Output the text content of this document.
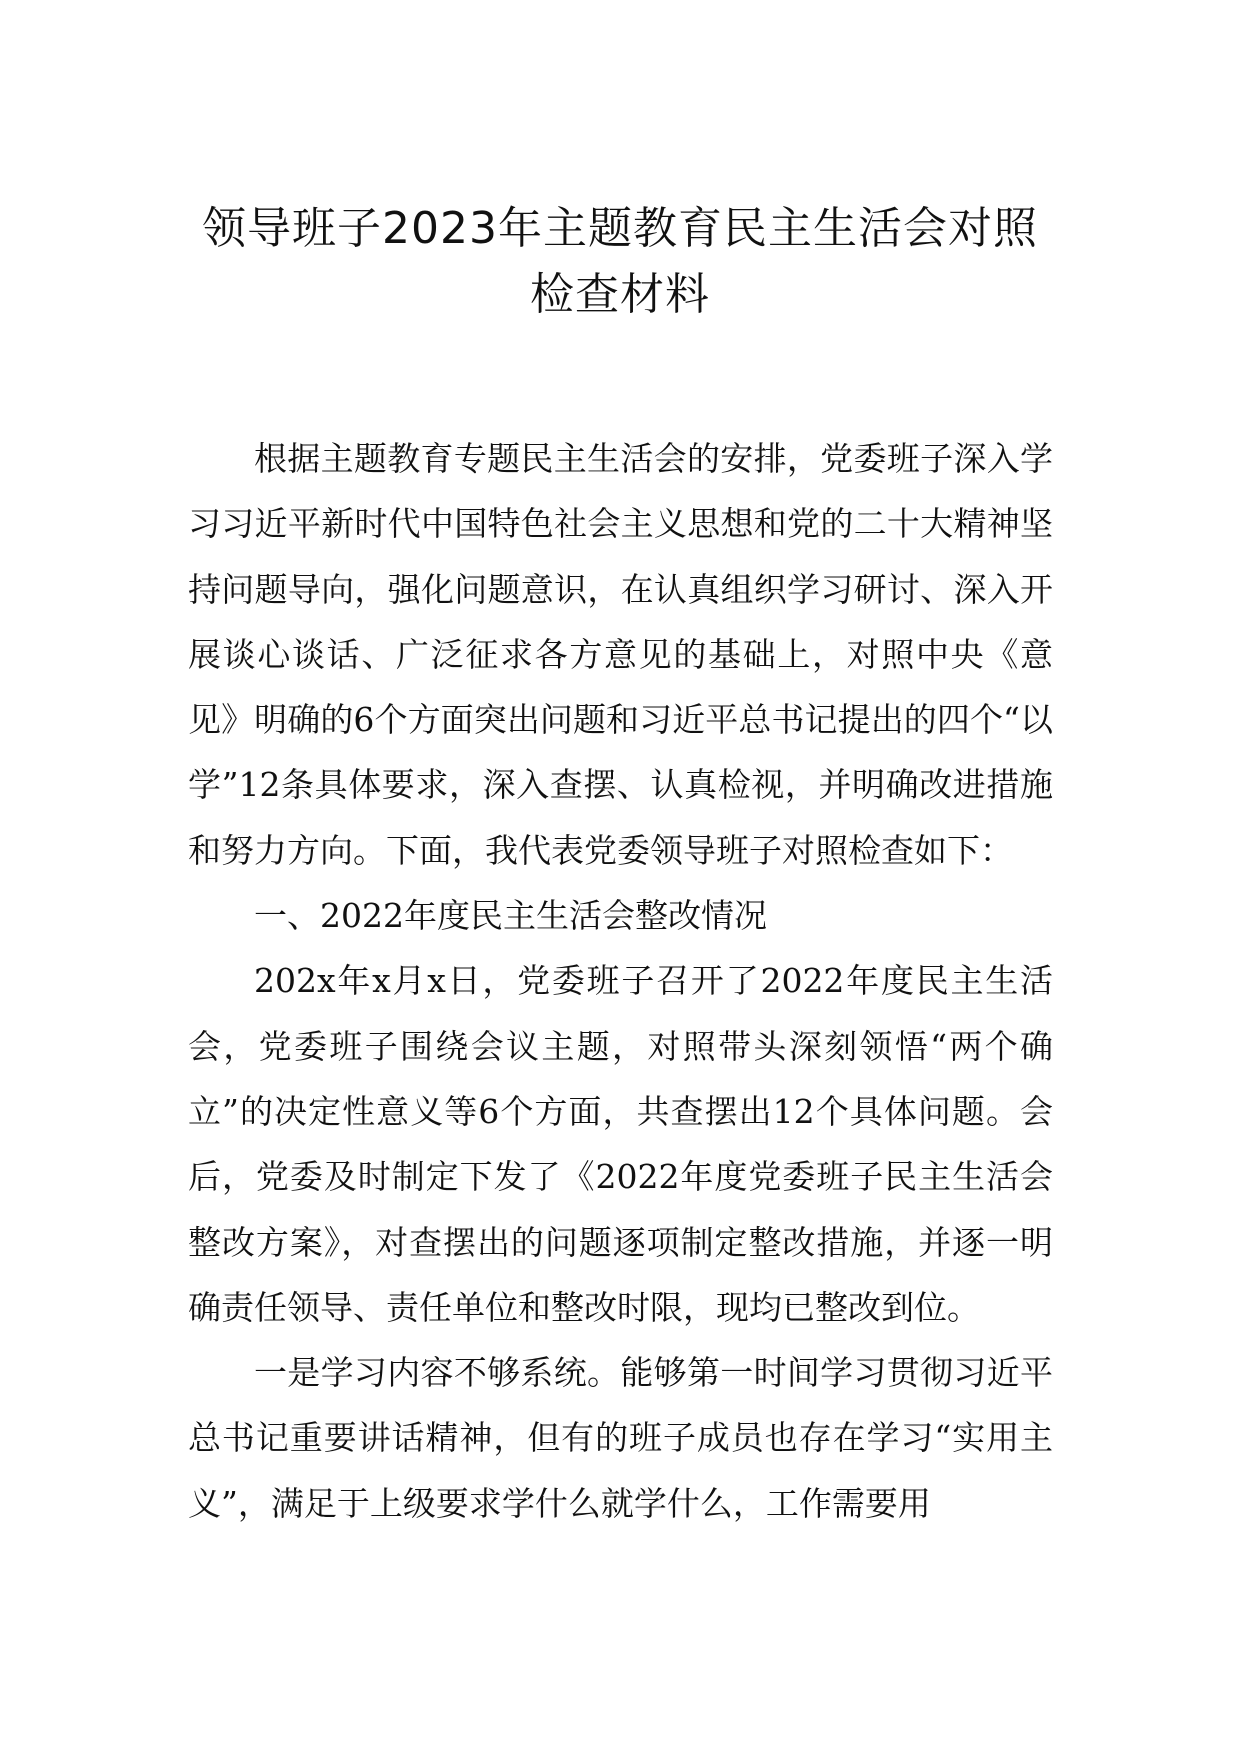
领导班子2023年主题教育民主生活会对照
检查材料

根据主题教育专题民主生活会的安排，党委班子深入学习习近平新时代中国特色社会主义思想和党的二十大精神坚持问题导向，强化问题意识，在认真组织学习研讨、深入开展谈心谈话、广泛征求各方意见的基础上，对照中央《意见》明确的6个方面突出问题和习近平总书记提出的四个“以学”12条具体要求，深入查摆、认真检视，并明确改进措施和努力方向。下面，我代表党委领导班子对照检查如下：

一、2022年度民主生活会整改情况

202x年x月x日，党委班子召开了2022年度民主生活会，党委班子围绕会议主题，对照带头深刻领悟“两个确立”的决定性意义等6个方面，共查摆出12个具体问题。会后，党委及时制定下发了《2022年度党委班子民主生活会整改方案》，对查摆出的问题逐项制定整改措施，并逐一明确责任领导、责任单位和整改时限，现均已整改到位。

一是学习内容不够系统。能够第一时间学习贯彻习近平总书记重要讲话精神，但有的班子成员也存在学习“实用主义”，满足于上级要求学什么就学什么，工作需要用
